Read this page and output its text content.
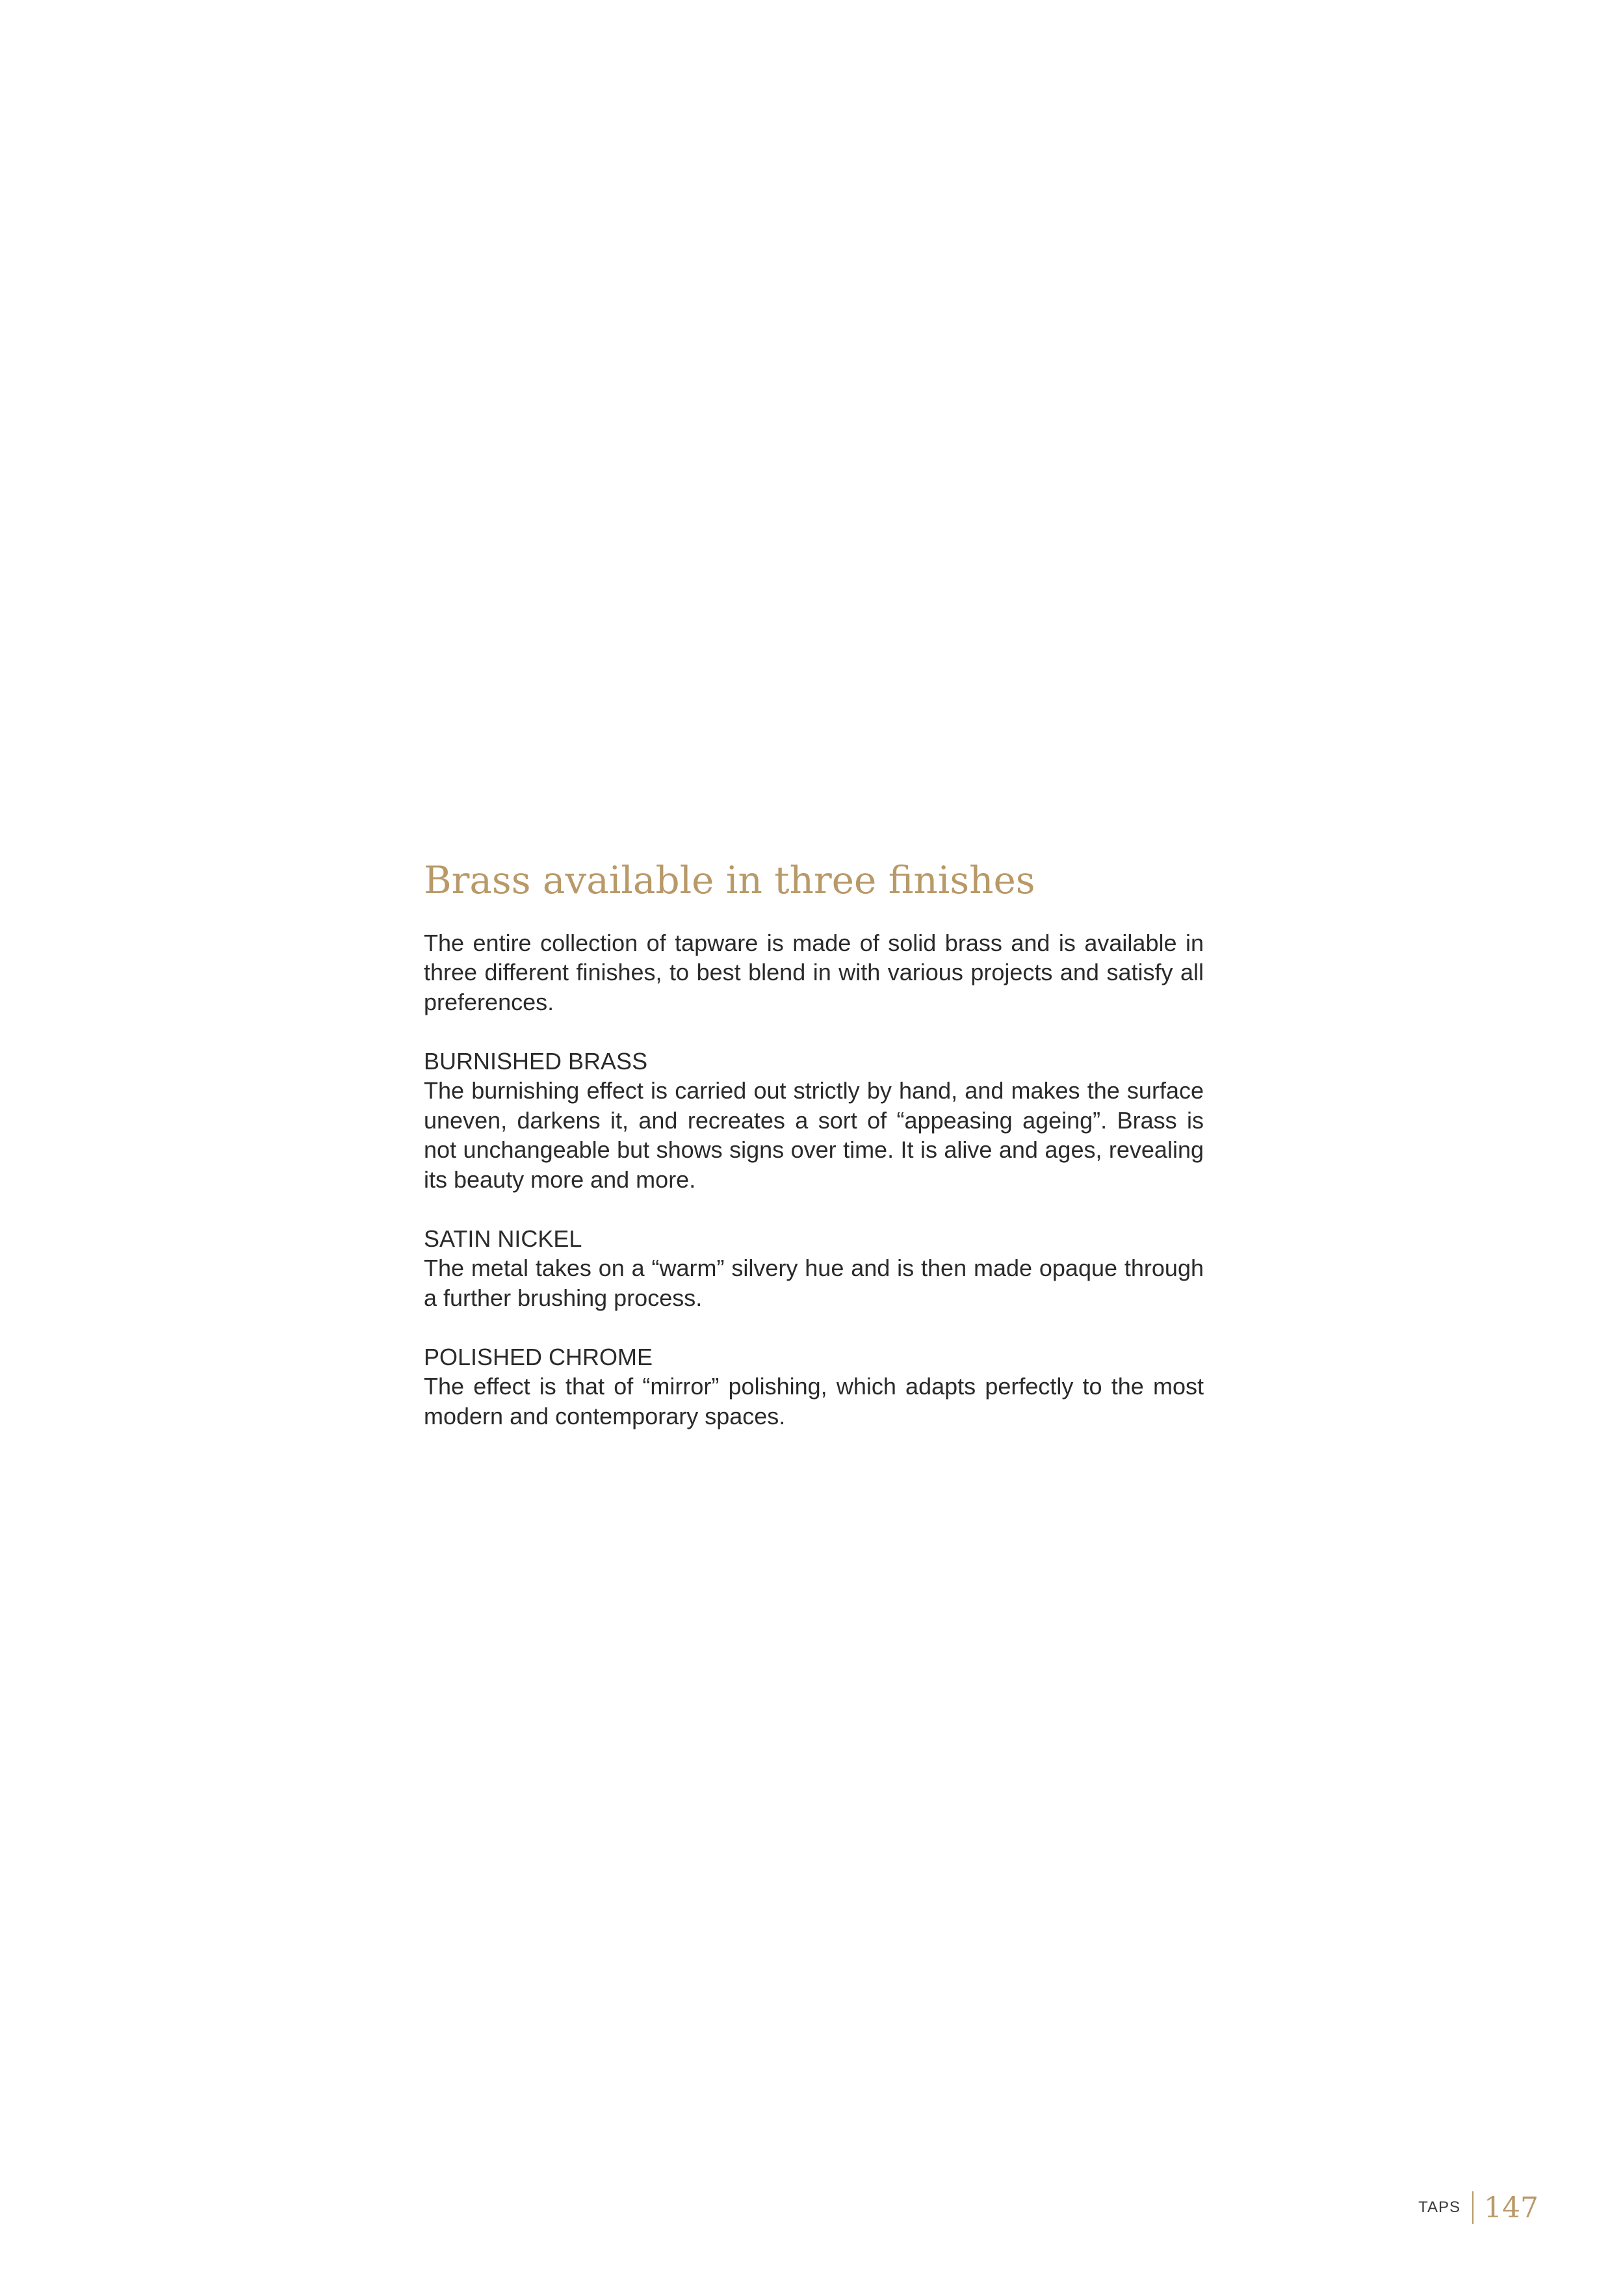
Brass available in three finishes

The entire collection of tapware is made of solid brass and is available in three different finishes, to best blend in with various projects and satisfy all preferences.

BURNISHED BRASS

The burnishing effect is carried out strictly by hand, and makes the surface uneven, darkens it, and recreates a sort of “appeasing ageing”. Brass is not unchangeable but shows signs over time. It is alive and ages, revealing its beauty more and more.

SATIN NICKEL

The metal takes on a “warm” silvery hue and is then made opaque through a further brushing process.

POLISHED CHROME

The effect is that of “mirror” polishing, which adapts perfectly to the most modern and contemporary spaces.

TAPS 147
